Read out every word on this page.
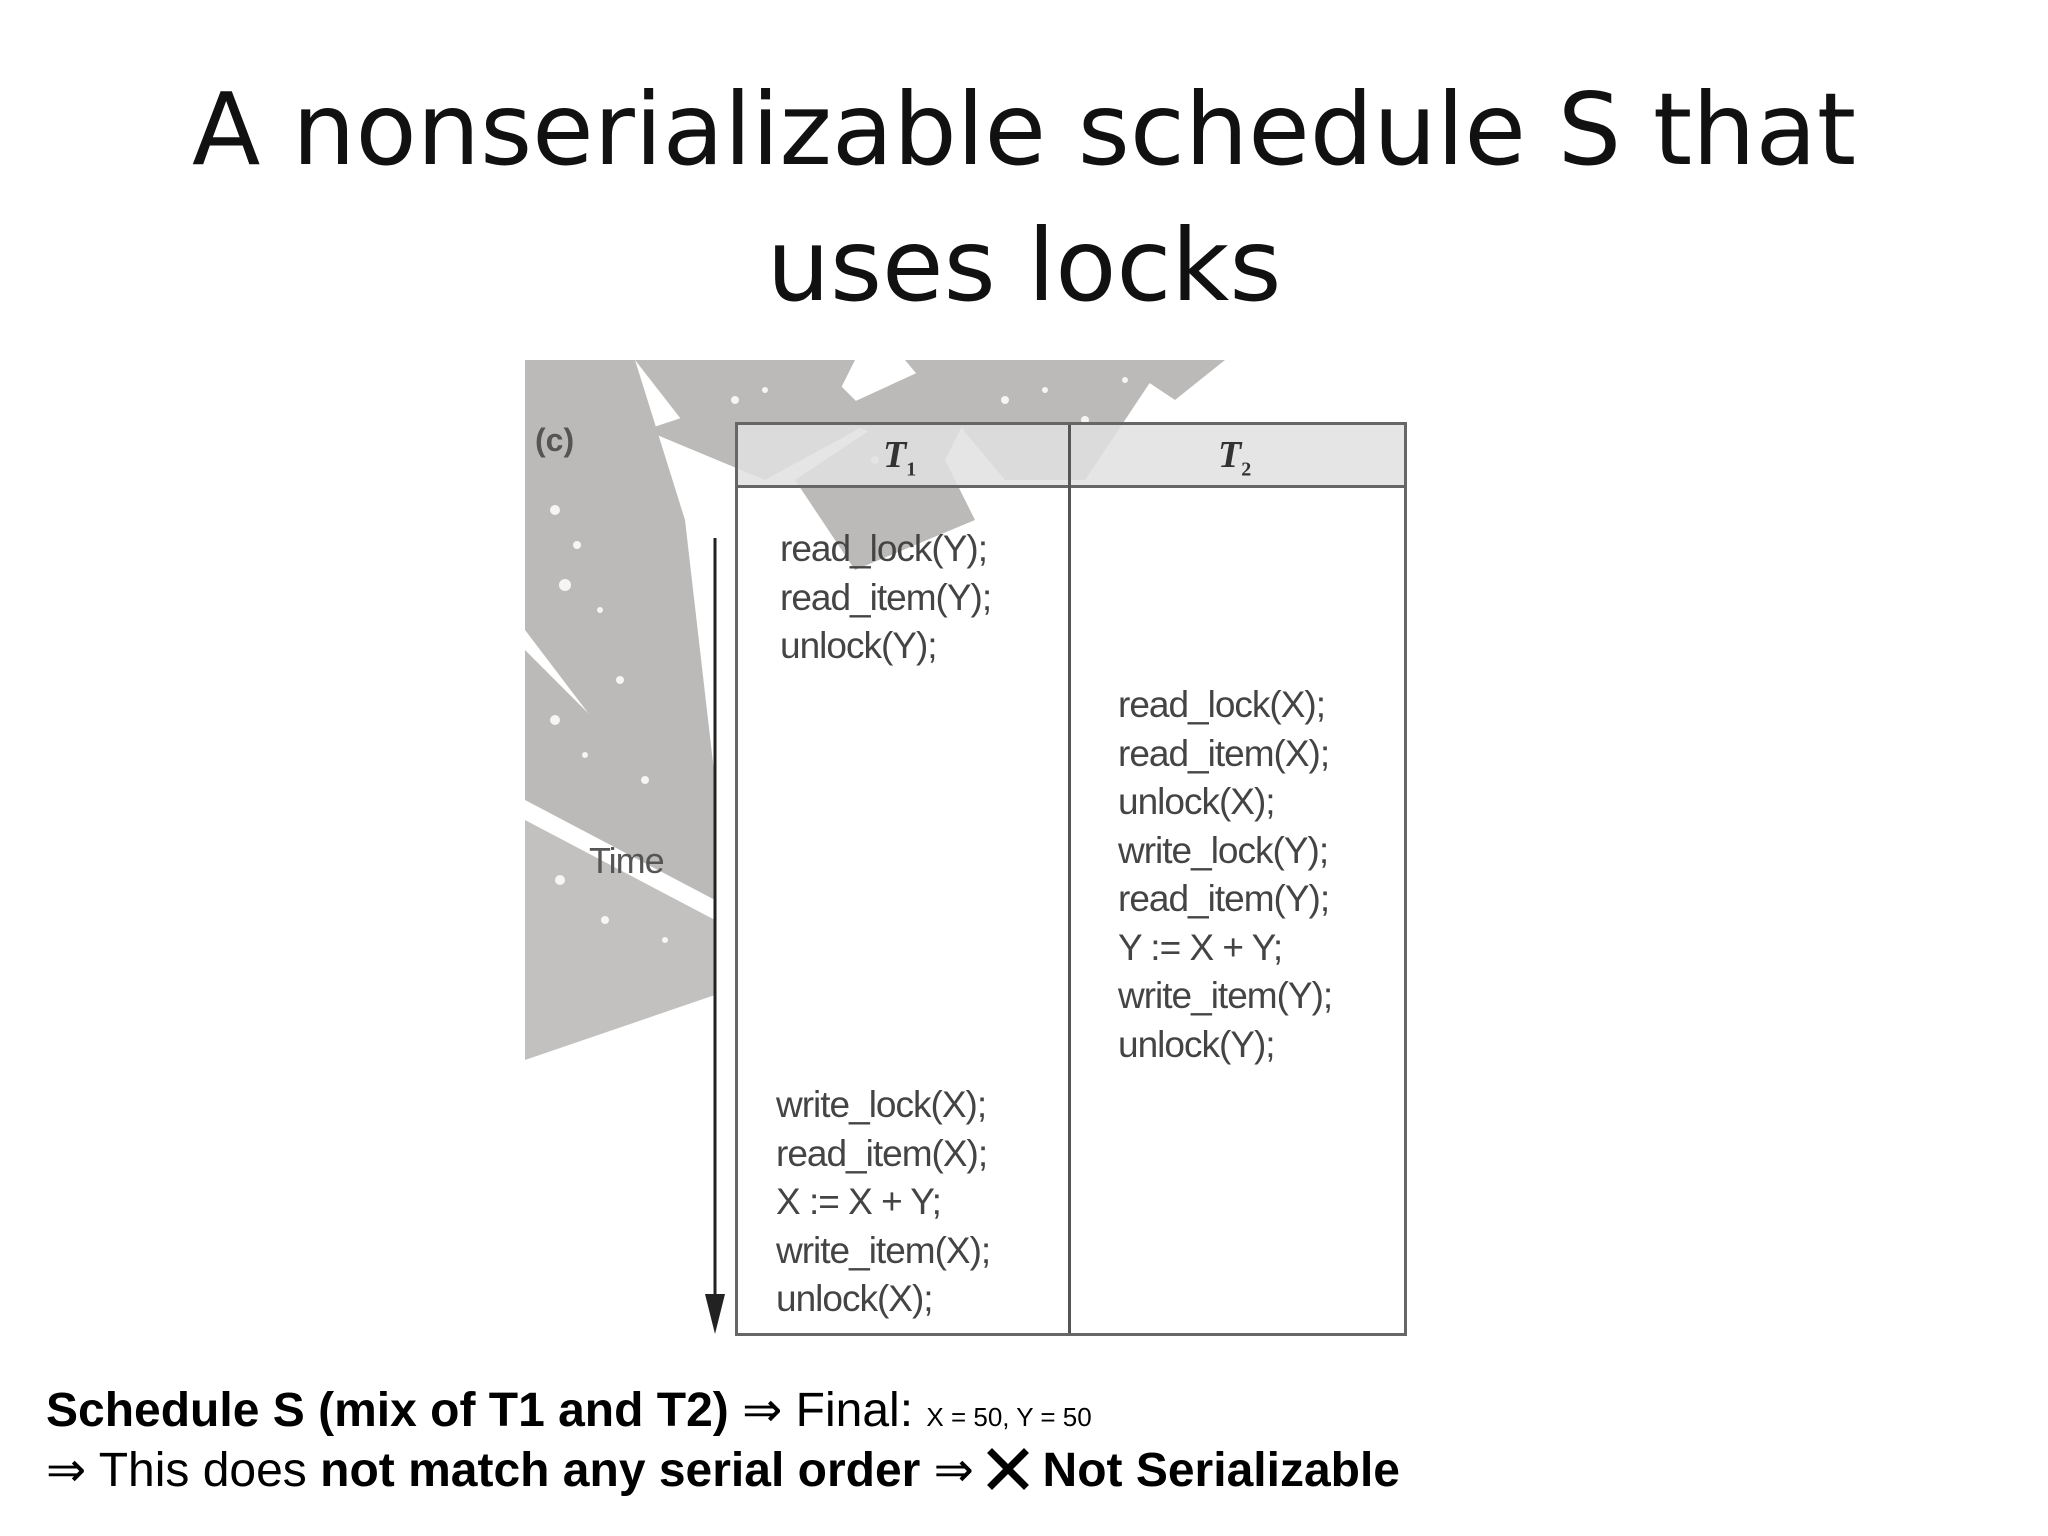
A nonserializable schedule S that
uses locks
(c)
Time
$T_1$	$T_2$
read_lock(Y);
read_item(Y);
unlock(Y);
read_lock(X);
read_item(X);
unlock(X);
write_lock(Y);
read_item(Y);
Y := X + Y;
write_item(Y);
unlock(Y);
write_lock(X);
read_item(X);
X := X + Y;
write_item(X);
unlock(X);
Schedule S (mix of T1 and T2) ⇒ Final: X = 50, Y = 50
⇒ This does not match any serial order ⇒  Not Serializable
